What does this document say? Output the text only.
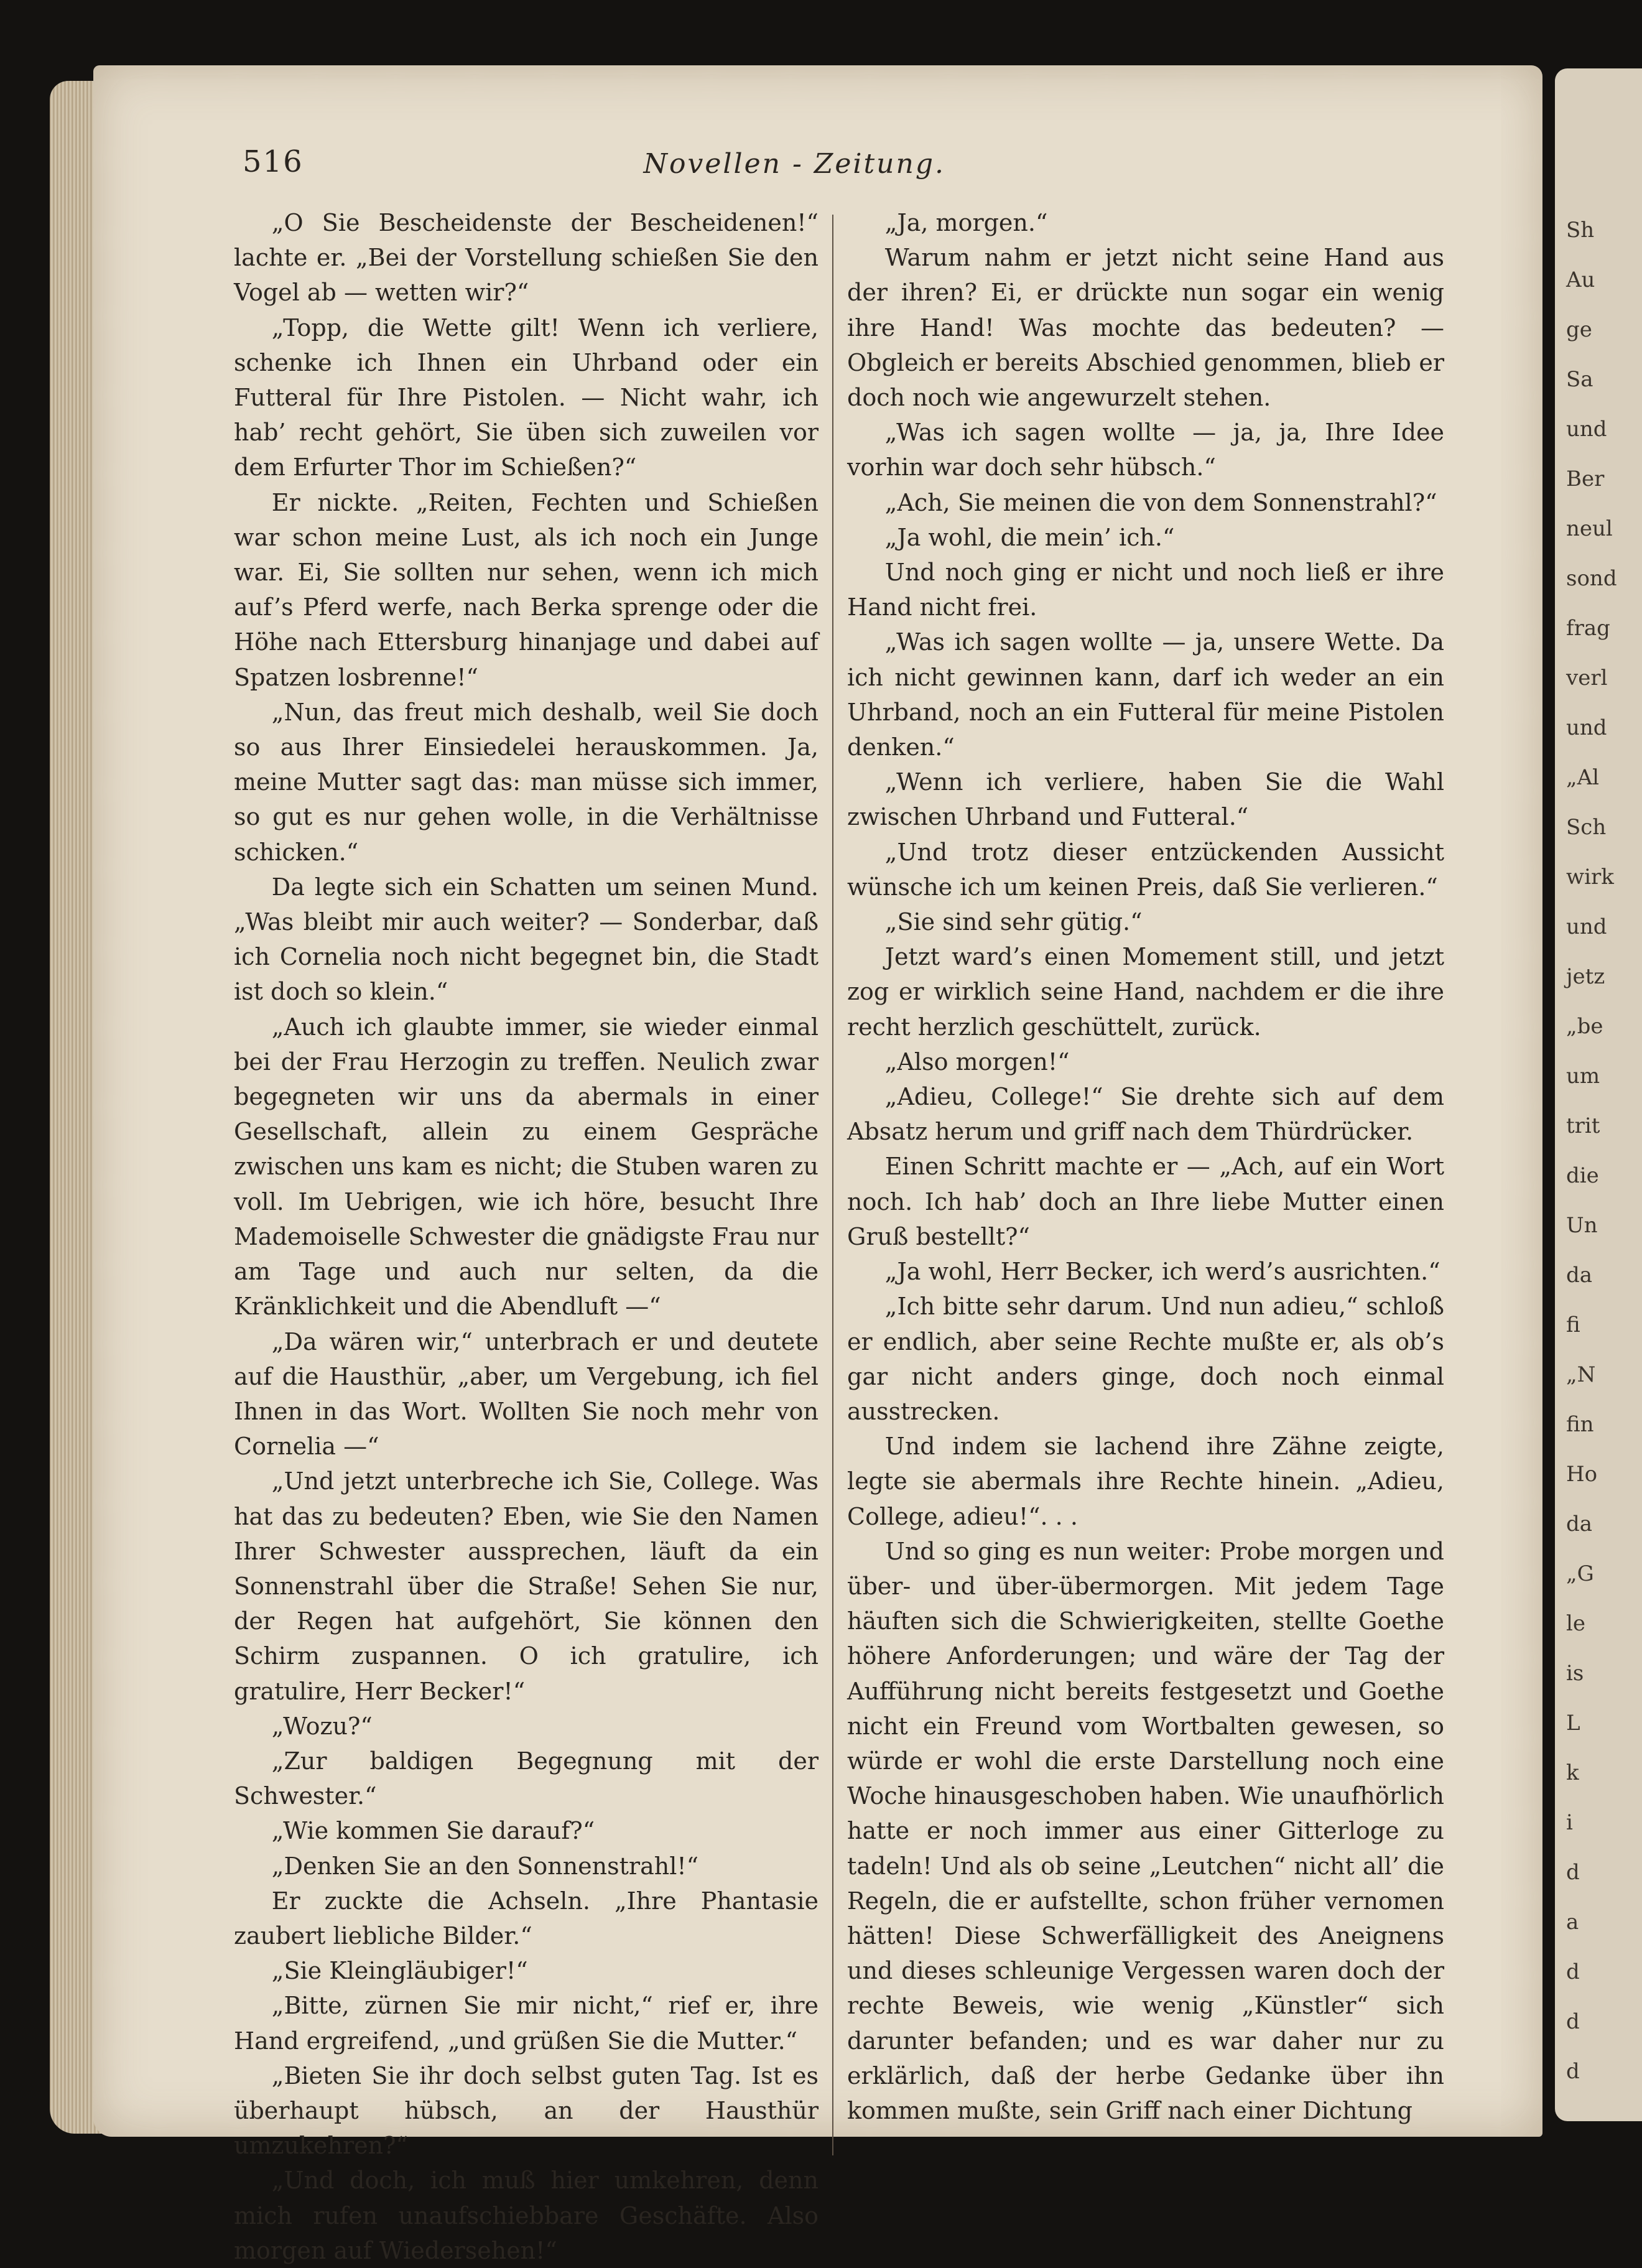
Sh
Au
ge
Sa
und
Ber
neul
sond
frag
verl
und
„Al
Sch
wirk
und
jetz
„be
um
trit
die
Un
da
fi
„N
fin
Ho
da
„G
le
is
L
k
i
d
a
d
d
d
516	Novellen - Zeitung.

„O Sie Bescheidenste der Bescheidenen!“ lachte er. „Bei der Vorstellung schießen Sie den Vogel ab — wetten wir?“

„Topp, die Wette gilt! Wenn ich verliere, schenke ich Ihnen ein Uhrband oder ein Futteral für Ihre Pistolen. — Nicht wahr, ich hab’ recht gehört, Sie üben sich zuweilen vor dem Erfurter Thor im Schießen?“

Er nickte. „Reiten, Fechten und Schießen war schon meine Lust, als ich noch ein Junge war. Ei, Sie sollten nur sehen, wenn ich mich auf’s Pferd werfe, nach Berka sprenge oder die Höhe nach Ettersburg hinanjage und dabei auf Spatzen losbrenne!“

„Nun, das freut mich deshalb, weil Sie doch so aus Ihrer Einsiedelei herauskommen. Ja, meine Mutter sagt das: man müsse sich immer, so gut es nur gehen wolle, in die Verhältnisse schicken.“

Da legte sich ein Schatten um seinen Mund. „Was bleibt mir auch weiter? — Sonderbar, daß ich Cornelia noch nicht begegnet bin, die Stadt ist doch so klein.“

„Auch ich glaubte immer, sie wieder einmal bei der Frau Herzogin zu treffen. Neulich zwar begegneten wir uns da abermals in einer Gesellschaft, allein zu einem Gespräche zwischen uns kam es nicht; die Stuben waren zu voll. Im Uebrigen, wie ich höre, besucht Ihre Mademoiselle Schwester die gnädigste Frau nur am Tage und auch nur selten, da die Kränklichkeit und die Abendluft —“

„Da wären wir,“ unterbrach er und deutete auf die Hausthür, „aber, um Vergebung, ich fiel Ihnen in das Wort. Wollten Sie noch mehr von Cornelia —“

„Und jetzt unterbreche ich Sie, College. Was hat das zu bedeuten? Eben, wie Sie den Namen Ihrer Schwester aussprechen, läuft da ein Sonnenstrahl über die Straße! Sehen Sie nur, der Regen hat aufgehört, Sie können den Schirm zuspannen. O ich gratulire, ich gratulire, Herr Becker!“

„Wozu?“

„Zur baldigen Begegnung mit der Schwester.“

„Wie kommen Sie darauf?“

„Denken Sie an den Sonnenstrahl!“

Er zuckte die Achseln. „Ihre Phantasie zaubert liebliche Bilder.“

„Sie Kleingläubiger!“

„Bitte, zürnen Sie mir nicht,“ rief er, ihre Hand ergreifend, „und grüßen Sie die Mutter.“

„Bieten Sie ihr doch selbst guten Tag. Ist es überhaupt hübsch, an der Hausthür umzukehren?“

„Und doch, ich muß hier umkehren, denn mich rufen unaufschiebbare Geschäfte. Also morgen auf Wiedersehen!“

„Ja, morgen.“

Warum nahm er jetzt nicht seine Hand aus der ihren? Ei, er drückte nun sogar ein wenig ihre Hand! Was mochte das bedeuten? — Obgleich er bereits Abschied genommen, blieb er doch noch wie angewurzelt stehen.

„Was ich sagen wollte — ja, ja, Ihre Idee vorhin war doch sehr hübsch.“

„Ach, Sie meinen die von dem Sonnenstrahl?“

„Ja wohl, die mein’ ich.“

Und noch ging er nicht und noch ließ er ihre Hand nicht frei.

„Was ich sagen wollte — ja, unsere Wette. Da ich nicht gewinnen kann, darf ich weder an ein Uhrband, noch an ein Futteral für meine Pistolen denken.“

„Wenn ich verliere, haben Sie die Wahl zwischen Uhrband und Futteral.“

„Und trotz dieser entzückenden Aussicht wünsche ich um keinen Preis, daß Sie verlieren.“

„Sie sind sehr gütig.“

Jetzt ward’s einen Momement still, und jetzt zog er wirklich seine Hand, nachdem er die ihre recht herzlich geschüttelt, zurück.

„Also morgen!“

„Adieu, College!“ Sie drehte sich auf dem Absatz herum und griff nach dem Thürdrücker.

Einen Schritt machte er — „Ach, auf ein Wort noch. Ich hab’ doch an Ihre liebe Mutter einen Gruß bestellt?“

„Ja wohl, Herr Becker, ich werd’s ausrichten.“

„Ich bitte sehr darum. Und nun adieu,“ schloß er endlich, aber seine Rechte mußte er, als ob’s gar nicht anders ginge, doch noch einmal ausstrecken.

Und indem sie lachend ihre Zähne zeigte, legte sie abermals ihre Rechte hinein. „Adieu, College, adieu!“. . .

Und so ging es nun weiter: Probe morgen und über- und über-übermorgen. Mit jedem Tage häuften sich die Schwierigkeiten, stellte Goethe höhere Anforderungen; und wäre der Tag der Aufführung nicht bereits festgesetzt und Goethe nicht ein Freund vom Wortbalten gewesen, so würde er wohl die erste Darstellung noch eine Woche hinausgeschoben haben. Wie unaufhörlich hatte er noch immer aus einer Gitterloge zu tadeln! Und als ob seine „Leutchen“ nicht all’ die Regeln, die er aufstellte, schon früher vernomen hätten! Diese Schwerfälligkeit des Aneignens und dieses schleunige Vergessen waren doch der rechte Beweis, wie wenig „Künstler“ sich darunter befanden; und es war daher nur zu erklärlich, daß der herbe Gedanke über ihn kommen mußte, sein Griff nach einer Dichtung
